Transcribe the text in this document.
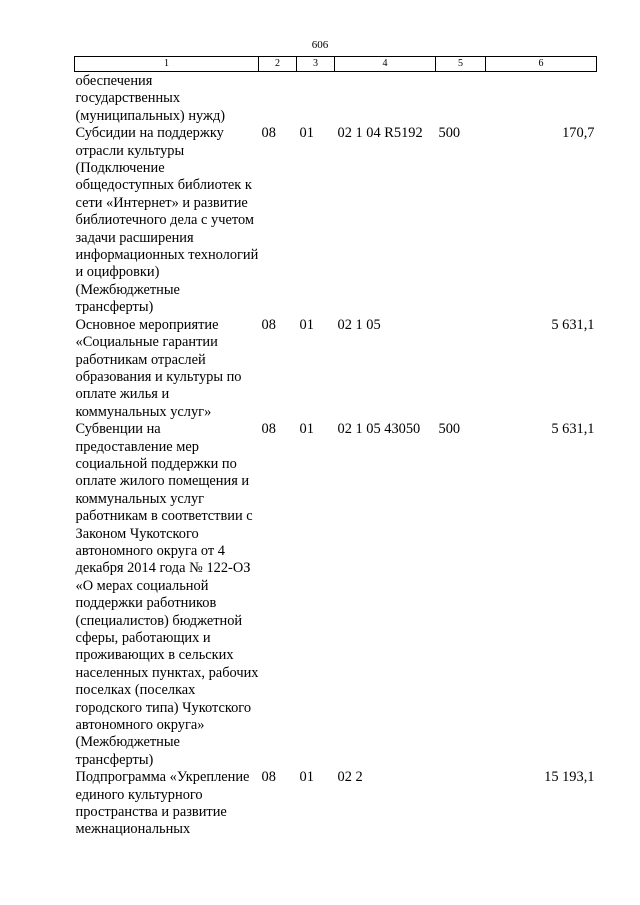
606
1	2	3	4	5	6
обеспечения государственных (муниципальных) нужд)					
Субсидии на поддержку отрасли культуры (Подключение общедоступных библиотек к сети «Интернет» и развитие библиотечного дела с учетом задачи расширения информационных технологий и оцифровки) (Межбюджетные трансферты)	08	01	02 1 04 R5192	500	170,7
Основное мероприятие «Социальные гарантии работникам отраслей образования и культуры по оплате жилья и коммунальных услуг»	08	01	02 1 05		5 631,1
Субвенции на предоставление мер социальной поддержки по оплате жилого помещения и коммунальных услуг работникам в соответствии с Законом Чукотского автономного округа от 4 декабря 2014 года № 122-ОЗ «О мерах социальной поддержки работников (специалистов) бюджетной сферы, работающих и проживающих в сельских населенных пунктах, рабочих поселках (поселках городского типа) Чукотского автономного округа» (Межбюджетные трансферты)	08	01	02 1 05 43050	500	5 631,1
Подпрограмма «Укрепление единого культурного пространства и развитие межнациональных	08	01	02 2		15 193,1
